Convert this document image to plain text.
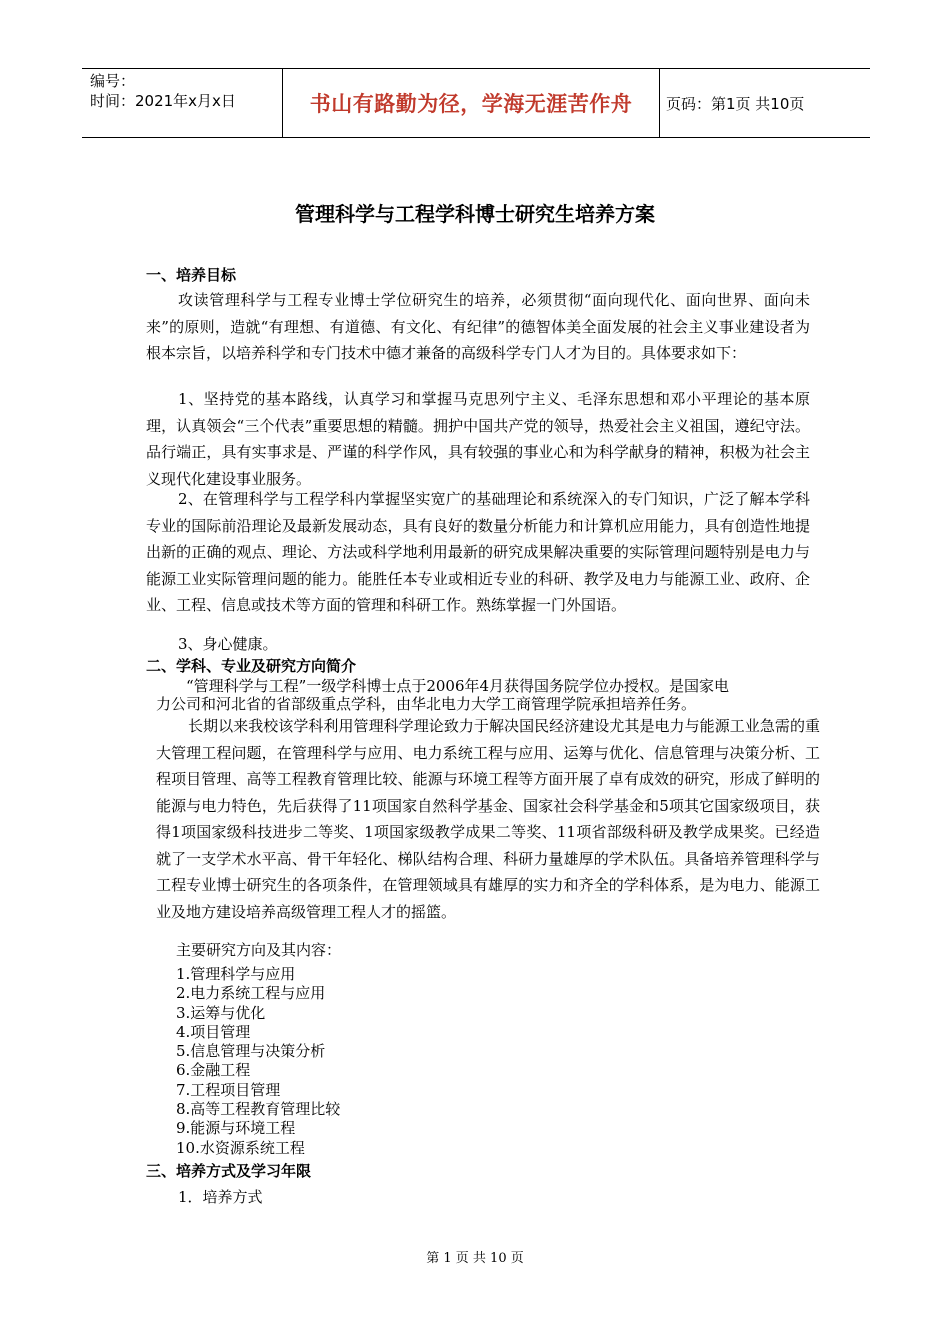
编号：
时间：2021年x月x日	书山有路勤为径，学海无涯苦作舟	页码：第1页 共10页
管理科学与工程学科博士研究生培养方案
一、培养目标
攻读管理科学与工程专业博士学位研究生的培养，必须贯彻“面向现代化、面向世界、面向未来”的原则，造就“有理想、有道德、有文化、有纪律”的德智体美全面发展的社会主义事业建设者为根本宗旨，以培养科学和专门技术中德才兼备的高级科学专门人才为目的。具体要求如下：
1、坚持党的基本路线，认真学习和掌握马克思列宁主义、毛泽东思想和邓小平理论的基本原理，认真领会“三个代表”重要思想的精髓。拥护中国共产党的领导，热爱社会主义祖国，遵纪守法。品行端正，具有实事求是、严谨的科学作风，具有较强的事业心和为科学献身的精神，积极为社会主义现代化建设事业服务。
2、在管理科学与工程学科内掌握坚实宽广的基础理论和系统深入的专门知识，广泛了解本学科专业的国际前沿理论及最新发展动态，具有良好的数量分析能力和计算机应用能力，具有创造性地提出新的正确的观点、理论、方法或科学地利用最新的研究成果解决重要的实际管理问题特别是电力与能源工业实际管理问题的能力。能胜任本专业或相近专业的科研、教学及电力与能源工业、政府、企业、工程、信息或技术等方面的管理和科研工作。熟练掌握一门外国语。
3、身心健康。
二、学科、专业及研究方向简介
“管理科学与工程”一级学科博士点于2006年4月获得国务院学位办授权。是国家电
力公司和河北省的省部级重点学科，由华北电力大学工商管理学院承担培养任务。
长期以来我校该学科利用管理科学理论致力于解决国民经济建设尤其是电力与能源工业急需的重大管理工程问题，在管理科学与应用、电力系统工程与应用、运筹与优化、信息管理与决策分析、工程项目管理、高等工程教育管理比较、能源与环境工程等方面开展了卓有成效的研究，形成了鲜明的能源与电力特色，先后获得了11项国家自然科学基金、国家社会科学基金和5项其它国家级项目，获得1项国家级科技进步二等奖、1项国家级教学成果二等奖、11项省部级科研及教学成果奖。已经造就了一支学术水平高、骨干年轻化、梯队结构合理、科研力量雄厚的学术队伍。具备培养管理科学与工程专业博士研究生的各项条件，在管理领域具有雄厚的实力和齐全的学科体系，是为电力、能源工业及地方建设培养高级管理工程人才的摇篮。
主要研究方向及其内容：
1.管理科学与应用
2.电力系统工程与应用
3.运筹与优化
4.项目管理
5.信息管理与决策分析
6.金融工程
7.工程项目管理
8.高等工程教育管理比较
9.能源与环境工程
10.水资源系统工程
三、培养方式及学习年限
1．培养方式
第 1 页 共 10 页
